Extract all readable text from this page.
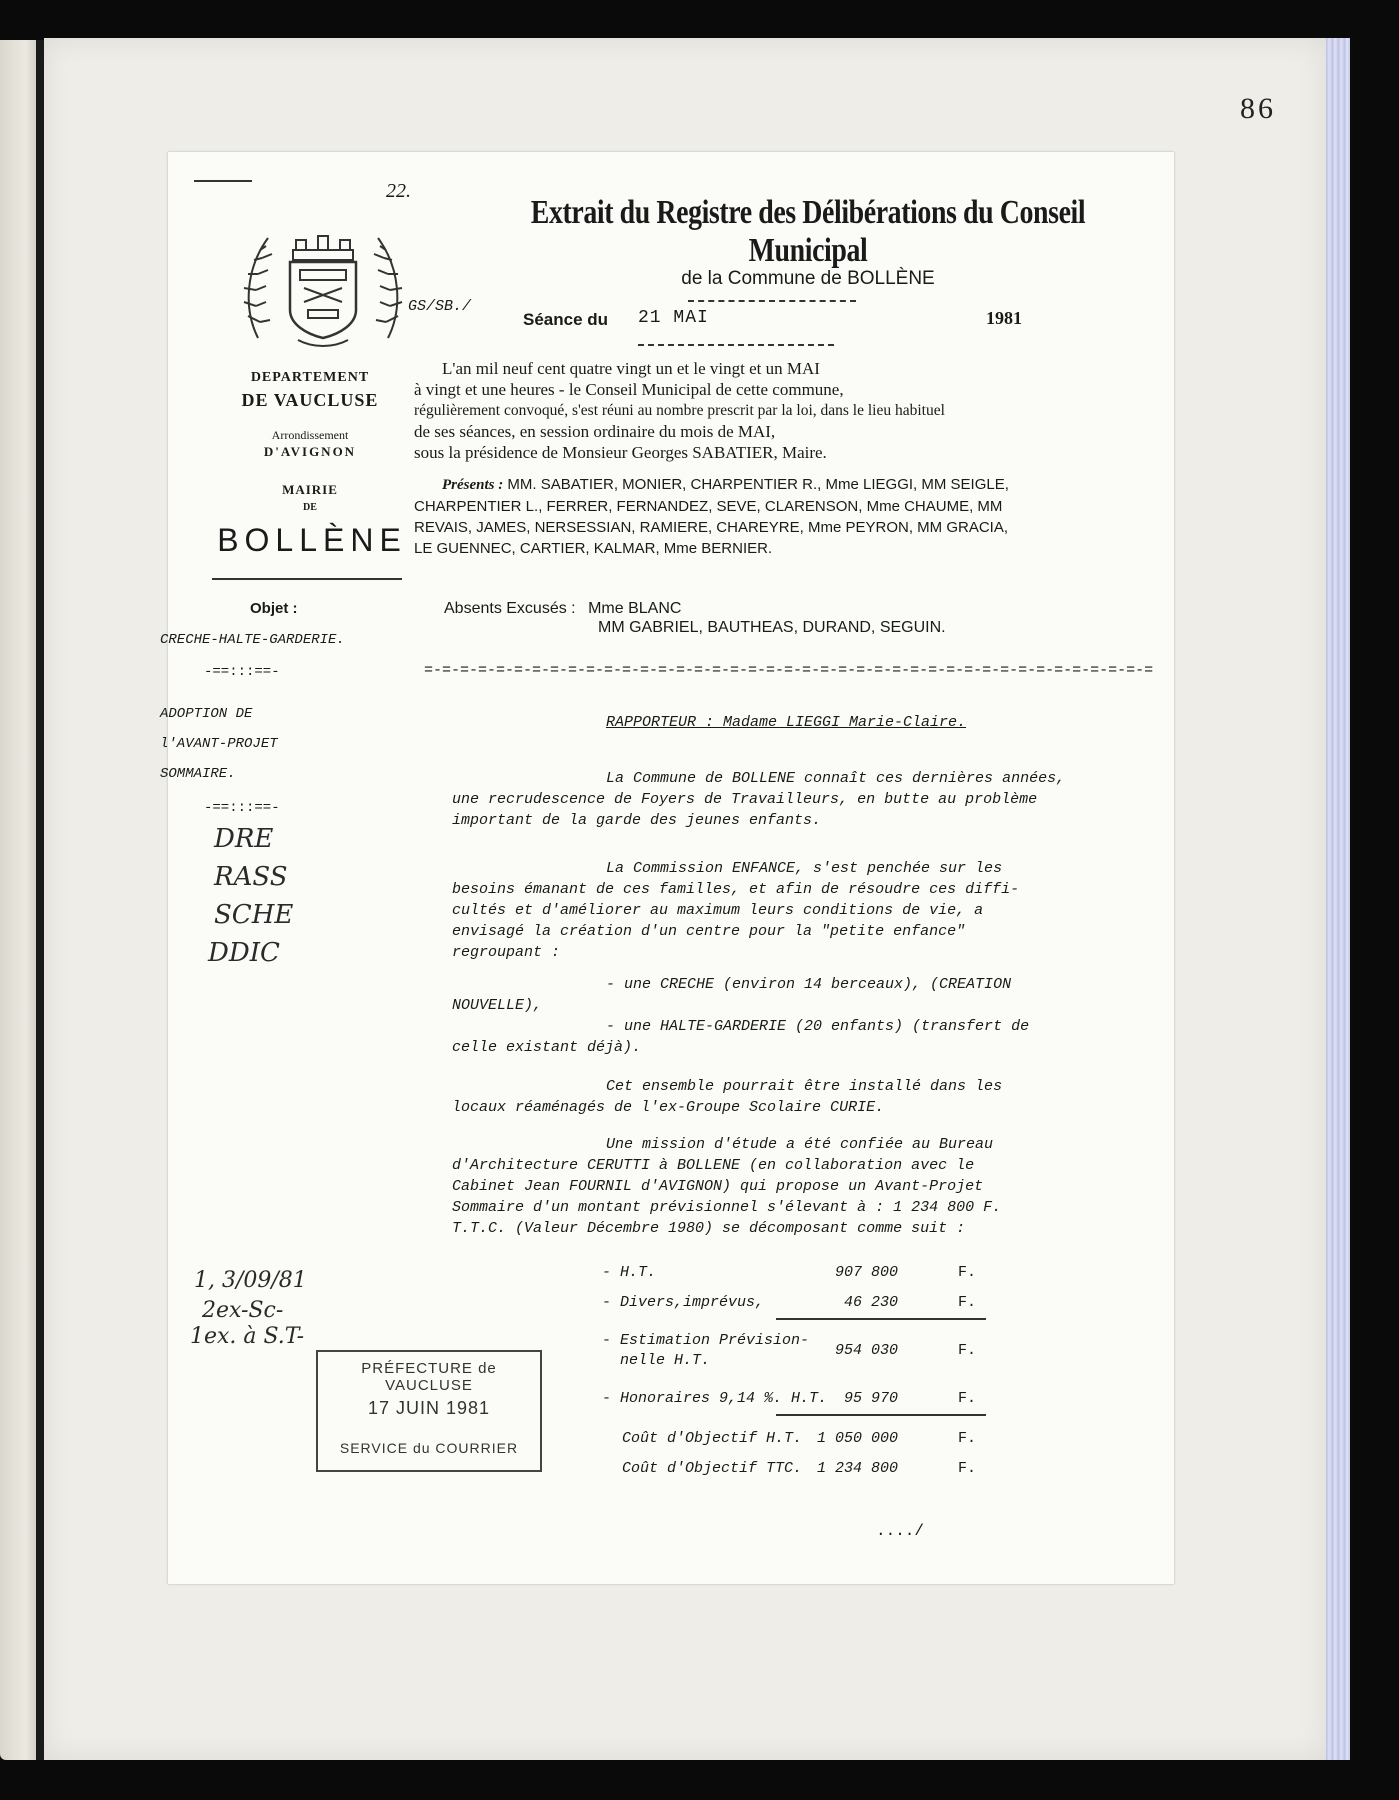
86
22.
DEPARTEMENT
DE VAUCLUSE
Arrondissement
D'AVIGNON
MAIRIE
DE
BOLLÈNE
Objet :
CRECHE-HALTE-GARDERIE.
-==:::==-
ADOPTION DE
l'AVANT-PROJET
SOMMAIRE.
-==:::==-
DRE
RASS
SCHE
DDIC
1, 3/09/81
2ex-Sc-
1ex. à S.T-
Extrait du Registre des Délibérations du Conseil Municipal
de la Commune de BOLLÈNE
GS/SB./
Séance du 21 MAI	1981
L'an mil neuf cent quatre vingt un et le vingt et un MAI
à vingt et une heures - le Conseil Municipal de cette commune,
régulièrement convoqué, s'est réuni au nombre prescrit par la loi, dans le lieu habituel
de ses séances, en session ordinaire du mois de MAI,
sous la présidence de Monsieur Georges SABATIER, Maire.
Présents : MM. SABATIER, MONIER, CHARPENTIER R., Mme LIEGGI, MM SEIGLE,
CHARPENTIER L., FERRER, FERNANDEZ, SEVE, CLARENSON, Mme CHAUME, MM
REVAIS, JAMES, NERSESSIAN, RAMIERE, CHAREYRE, Mme PEYRON, MM GRACIA,
LE GUENNEC, CARTIER, KALMAR, Mme BERNIER.
Absents Excusés : Mme BLANC
MM GABRIEL, BAUTHEAS, DURAND, SEGUIN.
=-=-=-=-=-=-=-=-=-=-=-=-=-=-=-=-=-=-=-=-=-=-=-=-=-=-=-=-=-=-=-=-=-=-=-=-=-=-=-=-=
RAPPORTEUR : Madame LIEGGI Marie-Claire.
La Commune de BOLLENE connaît ces dernières années,
une recrudescence de Foyers de Travailleurs, en butte au problème
important de la garde des jeunes enfants.
La Commission ENFANCE, s'est penchée sur les
besoins émanant de ces familles, et afin de résoudre ces diffi-
cultés et d'améliorer au maximum leurs conditions de vie, a
envisagé la création d'un centre pour la "petite enfance"
regroupant :
- une CRECHE (environ 14 berceaux), (CREATION
NOUVELLE),
- une HALTE-GARDERIE (20 enfants) (transfert de
celle existant déjà).
Cet ensemble pourrait être installé dans les
locaux réaménagés de l'ex-Groupe Scolaire CURIE.
Une mission d'étude a été confiée au Bureau
d'Architecture CERUTTI à BOLLENE (en collaboration avec le
Cabinet Jean FOURNIL d'AVIGNON) qui propose un Avant-Projet
Sommaire d'un montant prévisionnel s'élevant à : 1 234 800 F.
T.T.C. (Valeur Décembre 1980) se décomposant comme suit :
- H.T.	907 800	F.
- Divers,imprévus,	46 230	F.
- Estimation Prévision-
nelle H.T.
954 030	F.
- Honoraires 9,14 %. H.T.	95 970	F.
Coût d'Objectif H.T. 1 050 000	F.
Coût d'Objectif TTC. 1 234 800	F.
..../
PRÉFECTURE de VAUCLUSE
17 JUIN 1981
SERVICE du COURRIER
